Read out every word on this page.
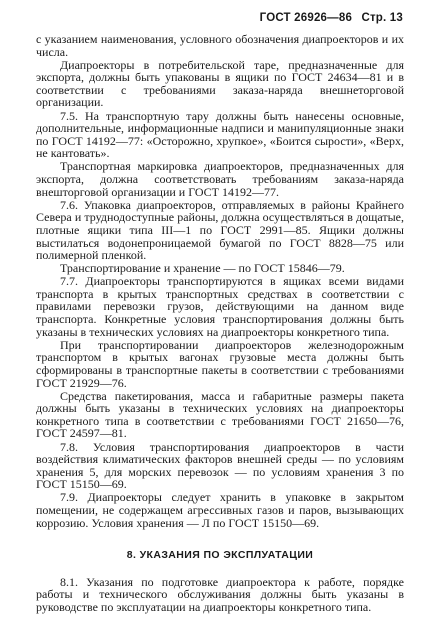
ГОСТ 26926—86 Стр. 13

с указанием наименования, условного обозначения диапроекторов и их числа.

Диапроекторы в потребительской таре, предназначенные для экспорта, должны быть упакованы в ящики по ГОСТ 24634—81 и в соответствии с требованиями заказа-наряда внешнеторговой организации.

7.5. На транспортную тару должны быть нанесены основные, дополнительные, информационные надписи и манипуляционные знаки по ГОСТ 14192—77: «Осторожно, хрупкое», «Боится сырости», «Верх, не кантовать».

Транспортная маркировка диапроекторов, предназначенных для экспорта, должна соответствовать требованиям заказа-наряда внешторговой организации и ГОСТ 14192—77.

7.6. Упаковка диапроекторов, отправляемых в районы Крайнего Севера и труднодоступные районы, должна осуществляться в дощатые, плотные ящики типа III—1 по ГОСТ 2991—85. Ящики должны выстилаться водонепроницаемой бумагой по ГОСТ 8828—75 или полимерной пленкой.

Транспортирование и хранение — по ГОСТ 15846—79.

7.7. Диапроекторы транспортируются в ящиках всеми видами транспорта в крытых транспортных средствах в соответствии с правилами перевозки грузов, действующими на данном виде транспорта. Конкретные условия транспортирования должны быть указаны в технических условиях на диапроекторы конкретного типа.

При транспортировании диапроекторов железнодорожным транспортом в крытых вагонах грузовые места должны быть сформированы в транспортные пакеты в соответствии с требованиями ГОСТ 21929—76.

Средства пакетирования, масса и габаритные размеры пакета должны быть указаны в технических условиях на диапроекторы конкретного типа в соответствии с требованиями ГОСТ 21650—76, ГОСТ 24597—81.

7.8. Условия транспортирования диапроекторов в части воздействия климатических факторов внешней среды — по условиям хранения 5, для морских перевозок — по условиям хранения 3 по ГОСТ 15150—69.

7.9. Диапроекторы следует хранить в упаковке в закрытом помещении, не содержащем агрессивных газов и паров, вызывающих коррозию. Условия хранения — Л по ГОСТ 15150—69.

8. УКАЗАНИЯ ПО ЭКСПЛУАТАЦИИ

8.1. Указания по подготовке диапроектора к работе, порядке работы и технического обслуживания должны быть указаны в руководстве по эксплуатации на диапроекторы конкретного типа.
